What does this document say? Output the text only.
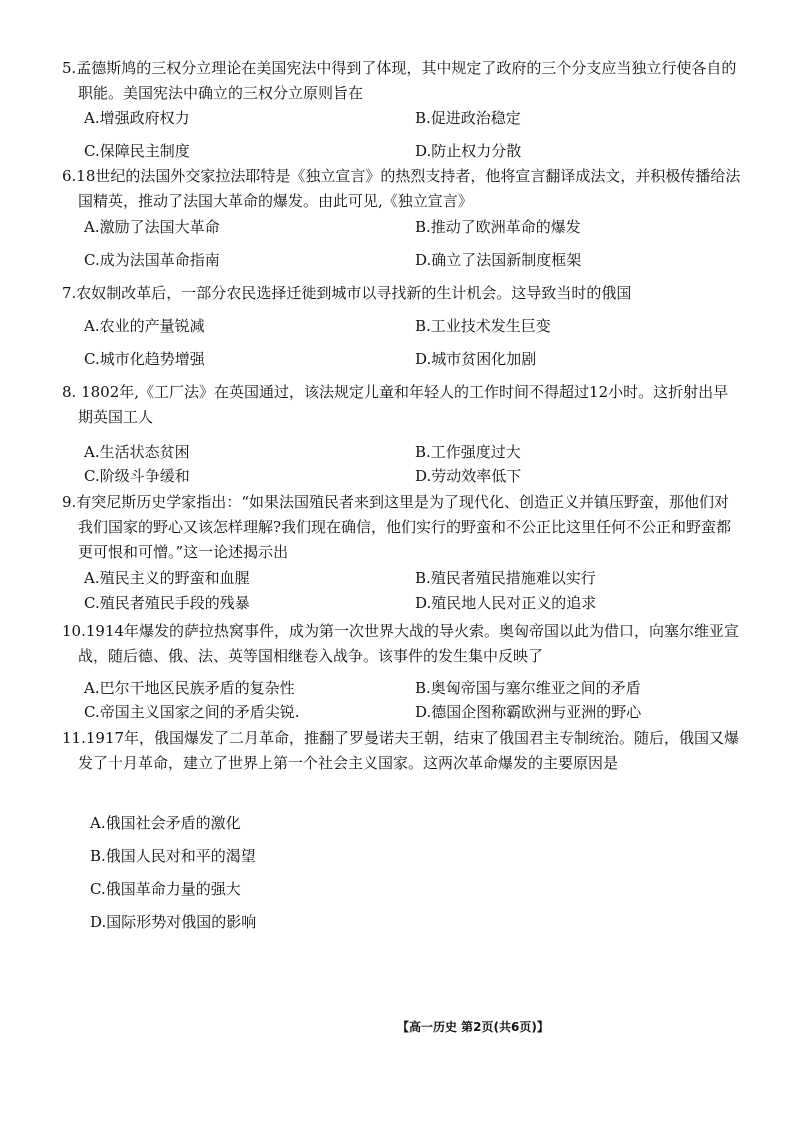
5.孟德斯鸠的三权分立理论在美国宪法中得到了体现，其中规定了政府的三个分支应当独立行使各自的职能。美国宪法中确立的三权分立原则旨在

A.增强政府权力	B.促进政治稳定
C.保障民主制度	D.防止权力分散

6.18世纪的法国外交家拉法耶特是《独立宣言》的热烈支持者，他将宣言翻译成法文，并积极传播给法国精英，推动了法国大革命的爆发。由此可见,《独立宣言》

A.激励了法国大革命	B.推动了欧洲革命的爆发
C.成为法国革命指南	D.确立了法国新制度框架

7.农奴制改革后，一部分农民选择迁徙到城市以寻找新的生计机会。这导致当时的俄国

A.农业的产量锐减	B.工业技术发生巨变
C.城市化趋势增强	D.城市贫困化加剧

8. 1802年,《工厂法》在英国通过，该法规定儿童和年轻人的工作时间不得超过12小时。这折射出早期英国工人

A.生活状态贫困	B.工作强度过大
C.阶级斗争缓和	D.劳动效率低下

9.有突尼斯历史学家指出：“如果法国殖民者来到这里是为了现代化、创造正义并镇压野蛮，那他们对我们国家的野心又该怎样理解?我们现在确信，他们实行的野蛮和不公正比这里任何不公正和野蛮都更可恨和可憎。”这一论述揭示出

A.殖民主义的野蛮和血腥	B.殖民者殖民措施难以实行
C.殖民者殖民手段的残暴	D.殖民地人民对正义的追求

10.1914年爆发的萨拉热窝事件，成为第一次世界大战的导火索。奥匈帝国以此为借口，向塞尔维亚宣战，随后德、俄、法、英等国相继卷入战争。该事件的发生集中反映了

A.巴尔干地区民族矛盾的复杂性	B.奥匈帝国与塞尔维亚之间的矛盾
C.帝国主义国家之间的矛盾尖锐.	D.德国企图称霸欧洲与亚洲的野心

11.1917年，俄国爆发了二月革命，推翻了罗曼诺夫王朝，结束了俄国君主专制统治。随后，俄国又爆发了十月革命，建立了世界上第一个社会主义国家。这两次革命爆发的主要原因是

A.俄国社会矛盾的激化
B.俄国人民对和平的渴望
C.俄国革命力量的强大
D.国际形势对俄国的影响
【高一历史 第2页(共6页)】
